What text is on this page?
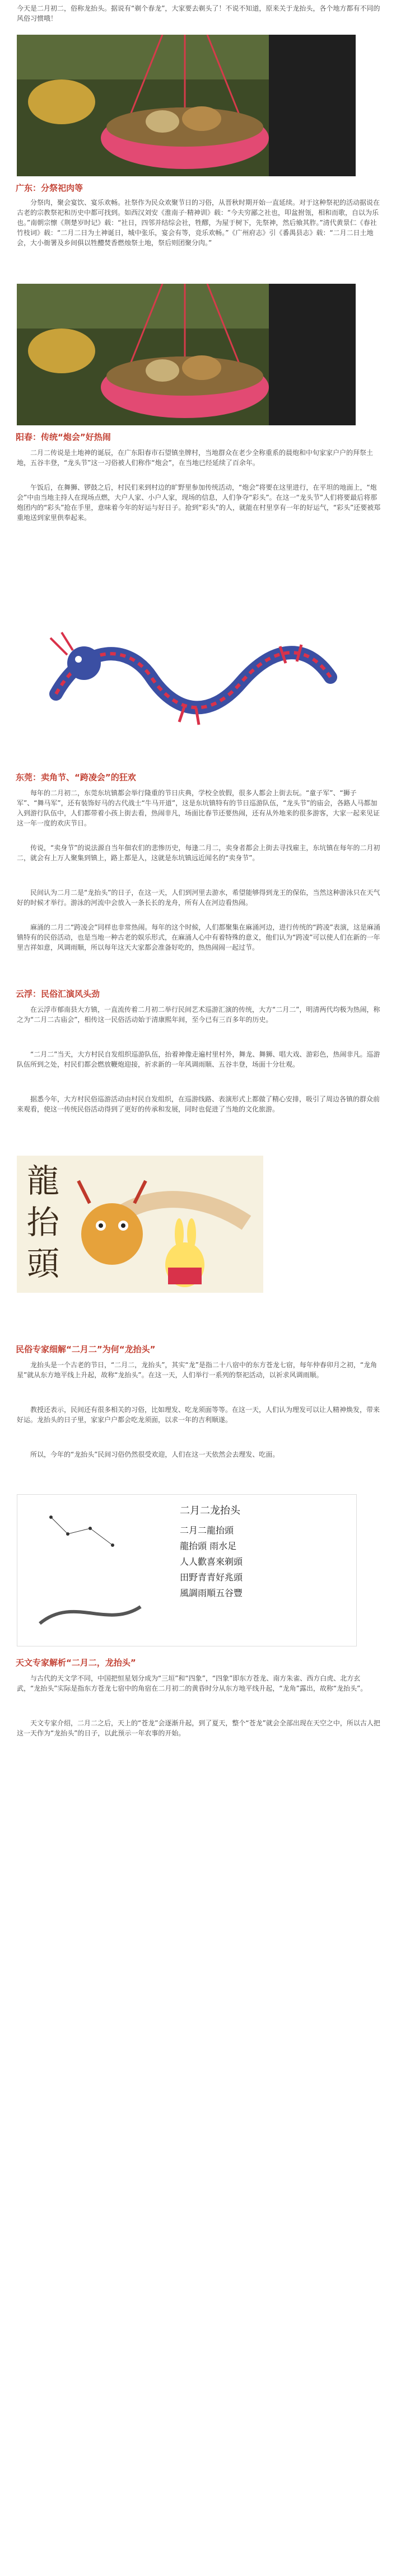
今天是二月初二，俗称龙抬头。据说有“剃个春龙”，大家要去剃头了！不说不知道，原来关于龙抬头，各个地方都有不同的风俗习惯哦！

广东：分祭祀肉等

分祭肉，聚会宴饮、宴乐欢畅。社祭作为民众欢聚节日的习俗，从晋秋时期开始一直延续。对于这种祭祀的活动据说在古老的宗教祭祀和历史中都可找到。如西汉刘安《淮南子·精神训》载：“今夫穷鄙之社也，叩盆拊瓴，相和而歌，自以为乐也。”南朝宗懔《荆楚岁时记》载：“社日，四邻并结综会社，牲醪，为屋于树下，先祭神，然后飨其胙。”清代黄景仁《春社竹枝词》载：“二月二日为土神诞日，城中张乐，宴会有等，竞乐欢畅。”《广州府志》引《番禺县志》载：“二月二日土地会，大小衙署及乡间俱以牲醴焚香燃烛祭土地，祭后则团聚分肉。”

阳春：传统“炮会”好热闹

二月二传说是土地神的诞辰，在广东阳春市石望镇坐牌村，当地群众在老少全称重系的晨炮和中旬家家户户的拜祭土地，五谷丰登，“龙头节”这一习俗被人们称作“炮会”，在当地已经延续了百余年。

午饭后，在舞狮、锣鼓之后，村民们来到村边的旷野里参加传统活动，“炮会”将要在这里进行，在平坦的地面上，“炮会”中由当地主持人在现场点燃，大户人家、小户人家，现场的信息，人们争夺“彩头”。在这一“龙头节”人们将要最后将那炮团内的“彩头”抢在手里，意味着今年的好运与好日子。抢到“彩头”的人，就能在村里享有一年的好运气，“彩头”还要被郑重地送到家里供奉起来。

东莞：卖角节、“跨凌会”的狂欢

每年的二月初二，东莞东坑镇都会举行隆重的节日庆典，学校全放假，很多人都会上街去玩。“童子军”、“狮子军”、“舞马军”，还有装饰好马的古代战士“牛马开道”，这是东坑镇特有的节日巡游队伍，“龙头节”的庙会，各路人马都加入到游行队伍中，人们都带着小孩上街去看，热闹非凡，场面比春节还要热闹，还有从外地来的很多游客，大家一起来见证这一年一度的欢庆节日。

传说，“卖身节”的说法源自当年佃农们的悲惨历史，每逢二月二，卖身者都会上街去寻找雇主，东坑镇在每年的二月初二，就会有上万人聚集到镇上，路上都是人，这就是东坑镇远近闻名的“卖身节”。

民间认为二月二是“龙抬头”的日子，在这一天，人们到河里去游水，希望能够得到龙王的保佑，当然这种游泳只在天气好的时候才举行。游泳的河流中会放入一条长长的龙舟，所有人在河边看热闹。

麻涌的二月二“跨凌会”同样也非常热闹。每年的这个时候，人们都聚集在麻涌河边，进行传统的“跨凌”表演，这是麻涌镇特有的民俗活动，也是当地一种古老的娱乐形式，在麻涌人心中有着特殊的意义，他们认为“跨凌”可以使人们在新的一年里吉祥如意，风调雨顺，所以每年这天大家都会准备好吃的，热热闹闹一起过节。

云浮：民俗汇演风头劲

在云浮市郁南县大方镇，一直流传着二月初二举行民间艺术巡游汇演的传统，大方“二月二”，明清两代均极为热闹，称之为“二月二古庙会”，相传这一民俗活动始于清康熙年间，至今已有三百多年的历史。

“二月二”当天，大方村民自发组织巡游队伍，抬着神像走遍村里村外，舞龙、舞狮、唱大戏、游彩色，热闹非凡。巡游队伍所到之处，村民们都会燃放鞭炮迎接，祈求新的一年风调雨顺、五谷丰登，场面十分壮观。

据悉今年，大方村民俗巡游活动由村民自发组织，在巡游线路、表演形式上都做了精心安排，吸引了周边各镇的群众前来观看，使这一传统民俗活动得到了更好的传承和发展，同时也促进了当地的文化旅游。

龍
抬
頭
民俗专家细解“二月二”为何“龙抬头”

龙抬头是一个古老的节日，“二月二，龙抬头”，其实“龙”是指二十八宿中的东方苍龙七宿，每年仲春卯月之初，“龙角星”就从东方地平线上升起，故称“龙抬头”。在这一天，人们举行一系列的祭祀活动，以祈求风调雨顺。

教授还表示，民间还有很多相关的习俗，比如理发、吃龙须面等等。在这一天，人们认为理发可以让人精神焕发，带来好运。龙抬头的日子里，家家户户都会吃龙须面，以求一年的吉利顺遂。

所以，今年的“龙抬头”民间习俗仍然很受欢迎，人们在这一天依然会去理发、吃面。

二月二龙抬头
二月二龍抬頭
龍抬頭 雨水足
人人歡喜來剃頭
田野青青好兆頭
風調雨順五谷豐
天文专家解析“二月二，龙抬头”

与古代的天文学不同，中国把恒星划分成为“三垣”和“四象”，“四象”即东方苍龙、南方朱雀、西方白虎、北方玄武，“龙抬头”实际是指东方苍龙七宿中的角宿在二月初二的黄昏时分从东方地平线升起，“龙角”露出，故称“龙抬头”。

天文专家介绍，二月二之后，天上的“苍龙”会逐渐升起，到了夏天，整个“苍龙”就会全部出现在天空之中，所以古人把这一天作为“龙抬头”的日子，以此预示一年农事的开始。
